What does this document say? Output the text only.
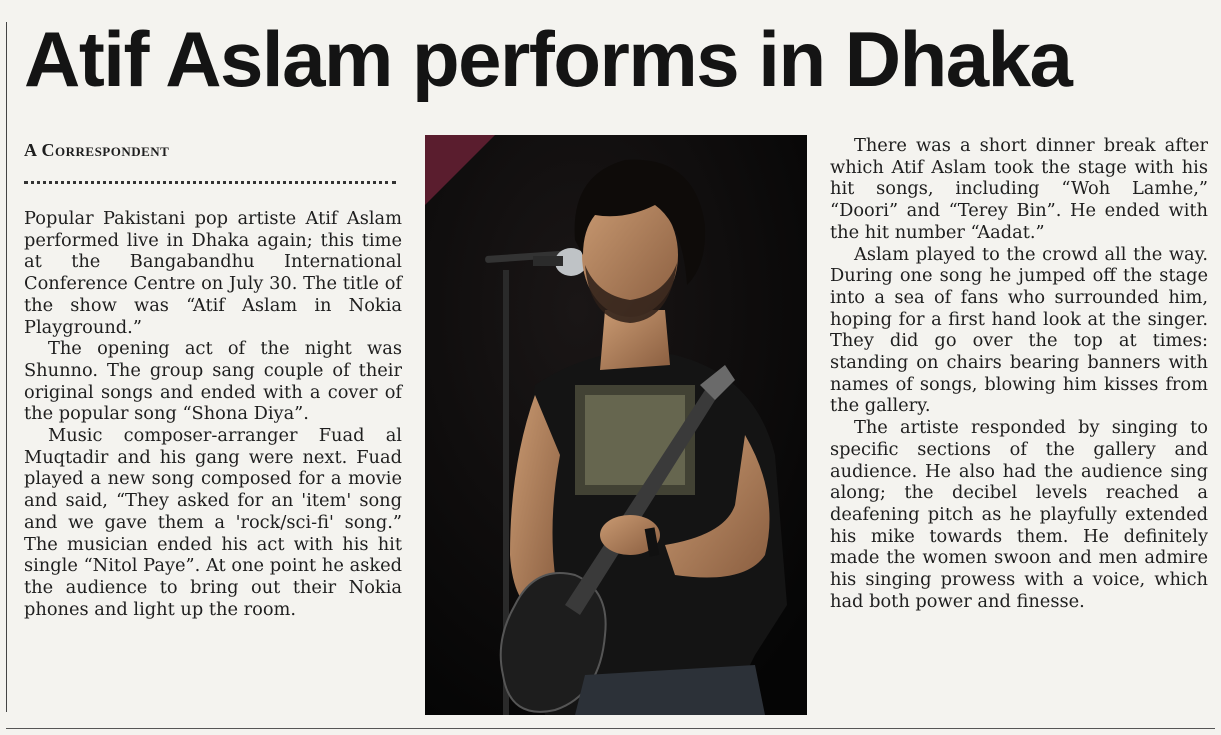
Atif Aslam performs in Dhaka
A Correspondent

Popular Pakistani pop artiste Atif Aslam performed live in Dhaka again; this time at the Bangabandhu International Conference Centre on July 30. The title of the show was “Atif Aslam in Nokia Playground.”

The opening act of the night was Shunno. The group sang couple of their original songs and ended with a cover of the popular song “Shona Diya”.

Music composer-arranger Fuad al Muqtadir and his gang were next. Fuad played a new song composed for a movie and said, “They asked for an 'item' song and we gave them a 'rock/sci-fi' song.” The musician ended his act with his hit single “Nitol Paye”. At one point he asked the audience to bring out their Nokia phones and light up the room.

There was a short dinner break after which Atif Aslam took the stage with his hit songs, including “Woh Lamhe,” “Doori” and “Terey Bin”. He ended with the hit number “Aadat.”

Aslam played to the crowd all the way. During one song he jumped off the stage into a sea of fans who surrounded him, hoping for a first hand look at the singer. They did go over the top at times: standing on chairs bearing banners with names of songs, blowing him kisses from the gallery.

The artiste responded by singing to specific sections of the gallery and audience. He also had the audience sing along; the decibel levels reached a deafening pitch as he playfully extended his mike towards them. He definitely made the women swoon and men admire his singing prowess with a voice, which had both power and finesse.
